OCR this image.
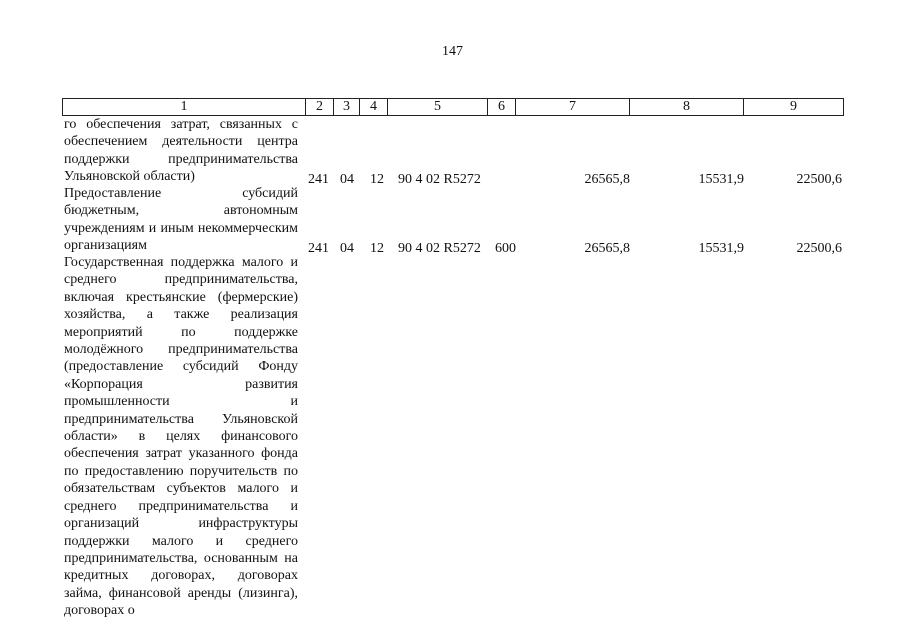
147
1	2	3	4	5	6	7	8	9
го обеспечения затрат, связанных с обеспечением деятельности центра поддержки предпринимательства Ульяновской области)	241 04 12 90 4 02 R5272	26565,8	15531,9	22500,6
Предоставление субсидий бюджетным, автономным учреждениям и иным некоммерческим организациям	241 04 12 90 4 02 R5272 600	26565,8	15531,9	22500,6
Государственная поддержка малого и среднего предпринимательства, включая крестьянские (фермерские) хозяйства, а также реализация мероприятий по поддержке молодёжного предпринимательства (предоставление субсидий Фонду «Корпорация развития промышленности и предпринимательства Ульяновской области» в целях финансового обеспечения затрат указанного фонда по предоставлению поручительств по обязательствам субъектов малого и среднего предпринимательства и организаций инфраструктуры поддержки малого и среднего предпринимательства, основанным на кредитных договорах, договорах займа, финансовой аренды (лизинга), договорах о
